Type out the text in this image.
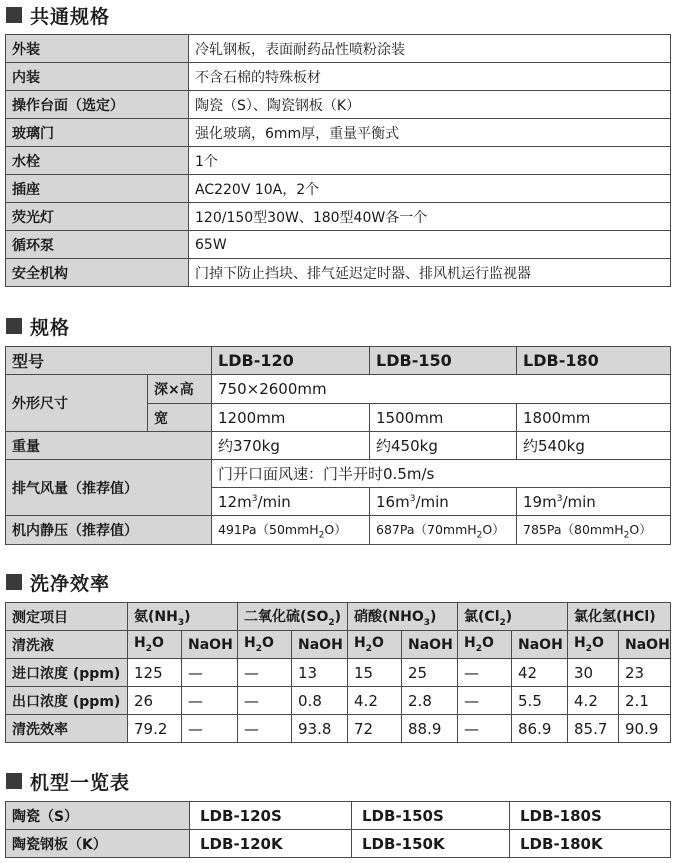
共通规格
外装	冷轧钢板，表面耐药品性喷粉涂装
内装	不含石棉的特殊板材
操作台面（选定）	陶瓷（S）、陶瓷钢板（K）
玻璃门	强化玻璃，6mm厚，重量平衡式
水栓	1个
插座	AC220V 10A，2个
荧光灯	120/150型30W、180型40W各一个
循环泵	65W
安全机构	门掉下防止挡块、排气延迟定时器、排风机运行监视器
规格
型号		LDB-120	LDB-150	LDB-180
外形尺寸	深×高	750×2600mm		
	宽	1200mm	1500mm	1800mm
重量		约370kg	约450kg	约540kg
排气风量（推荐值）		门开口面风速：门半开时0.5m/s		
		$12m^3/\min$	$16m^3/\min$	$19m^3/\min$
机内静压（推荐值）		491Pa（50mmH$_2$O）	687Pa（70mmH$_2$O）	785Pa（80mmH$_2$O）
洗净效率
测定项目	氨$(NH_3)$		二氧化硫$(SO_2)$		硝酸$(NHO_3)$		氯$(Cl_2)$		氯化氢(HCl)	
清洗液	$H_2O$	NaOH	$H_2O$	NaOH	$H_2O$	NaOH	$H_2O$	NaOH	$H_2O$	NaOH
进口浓度 (ppm)	125	—	—	13	15	25	—	42	30	23
出口浓度 (ppm)	26	—	—	0.8	4.2	2.8	—	5.5	4.2	2.1
清洗效率	79.2	—	—	93.8	72	88.9	—	86.9	85.7	90.9
机型一览表
陶瓷（S）	LDB-120S	LDB-150S	LDB-180S
陶瓷钢板（K）	LDB-120K	LDB-150K	LDB-180K
